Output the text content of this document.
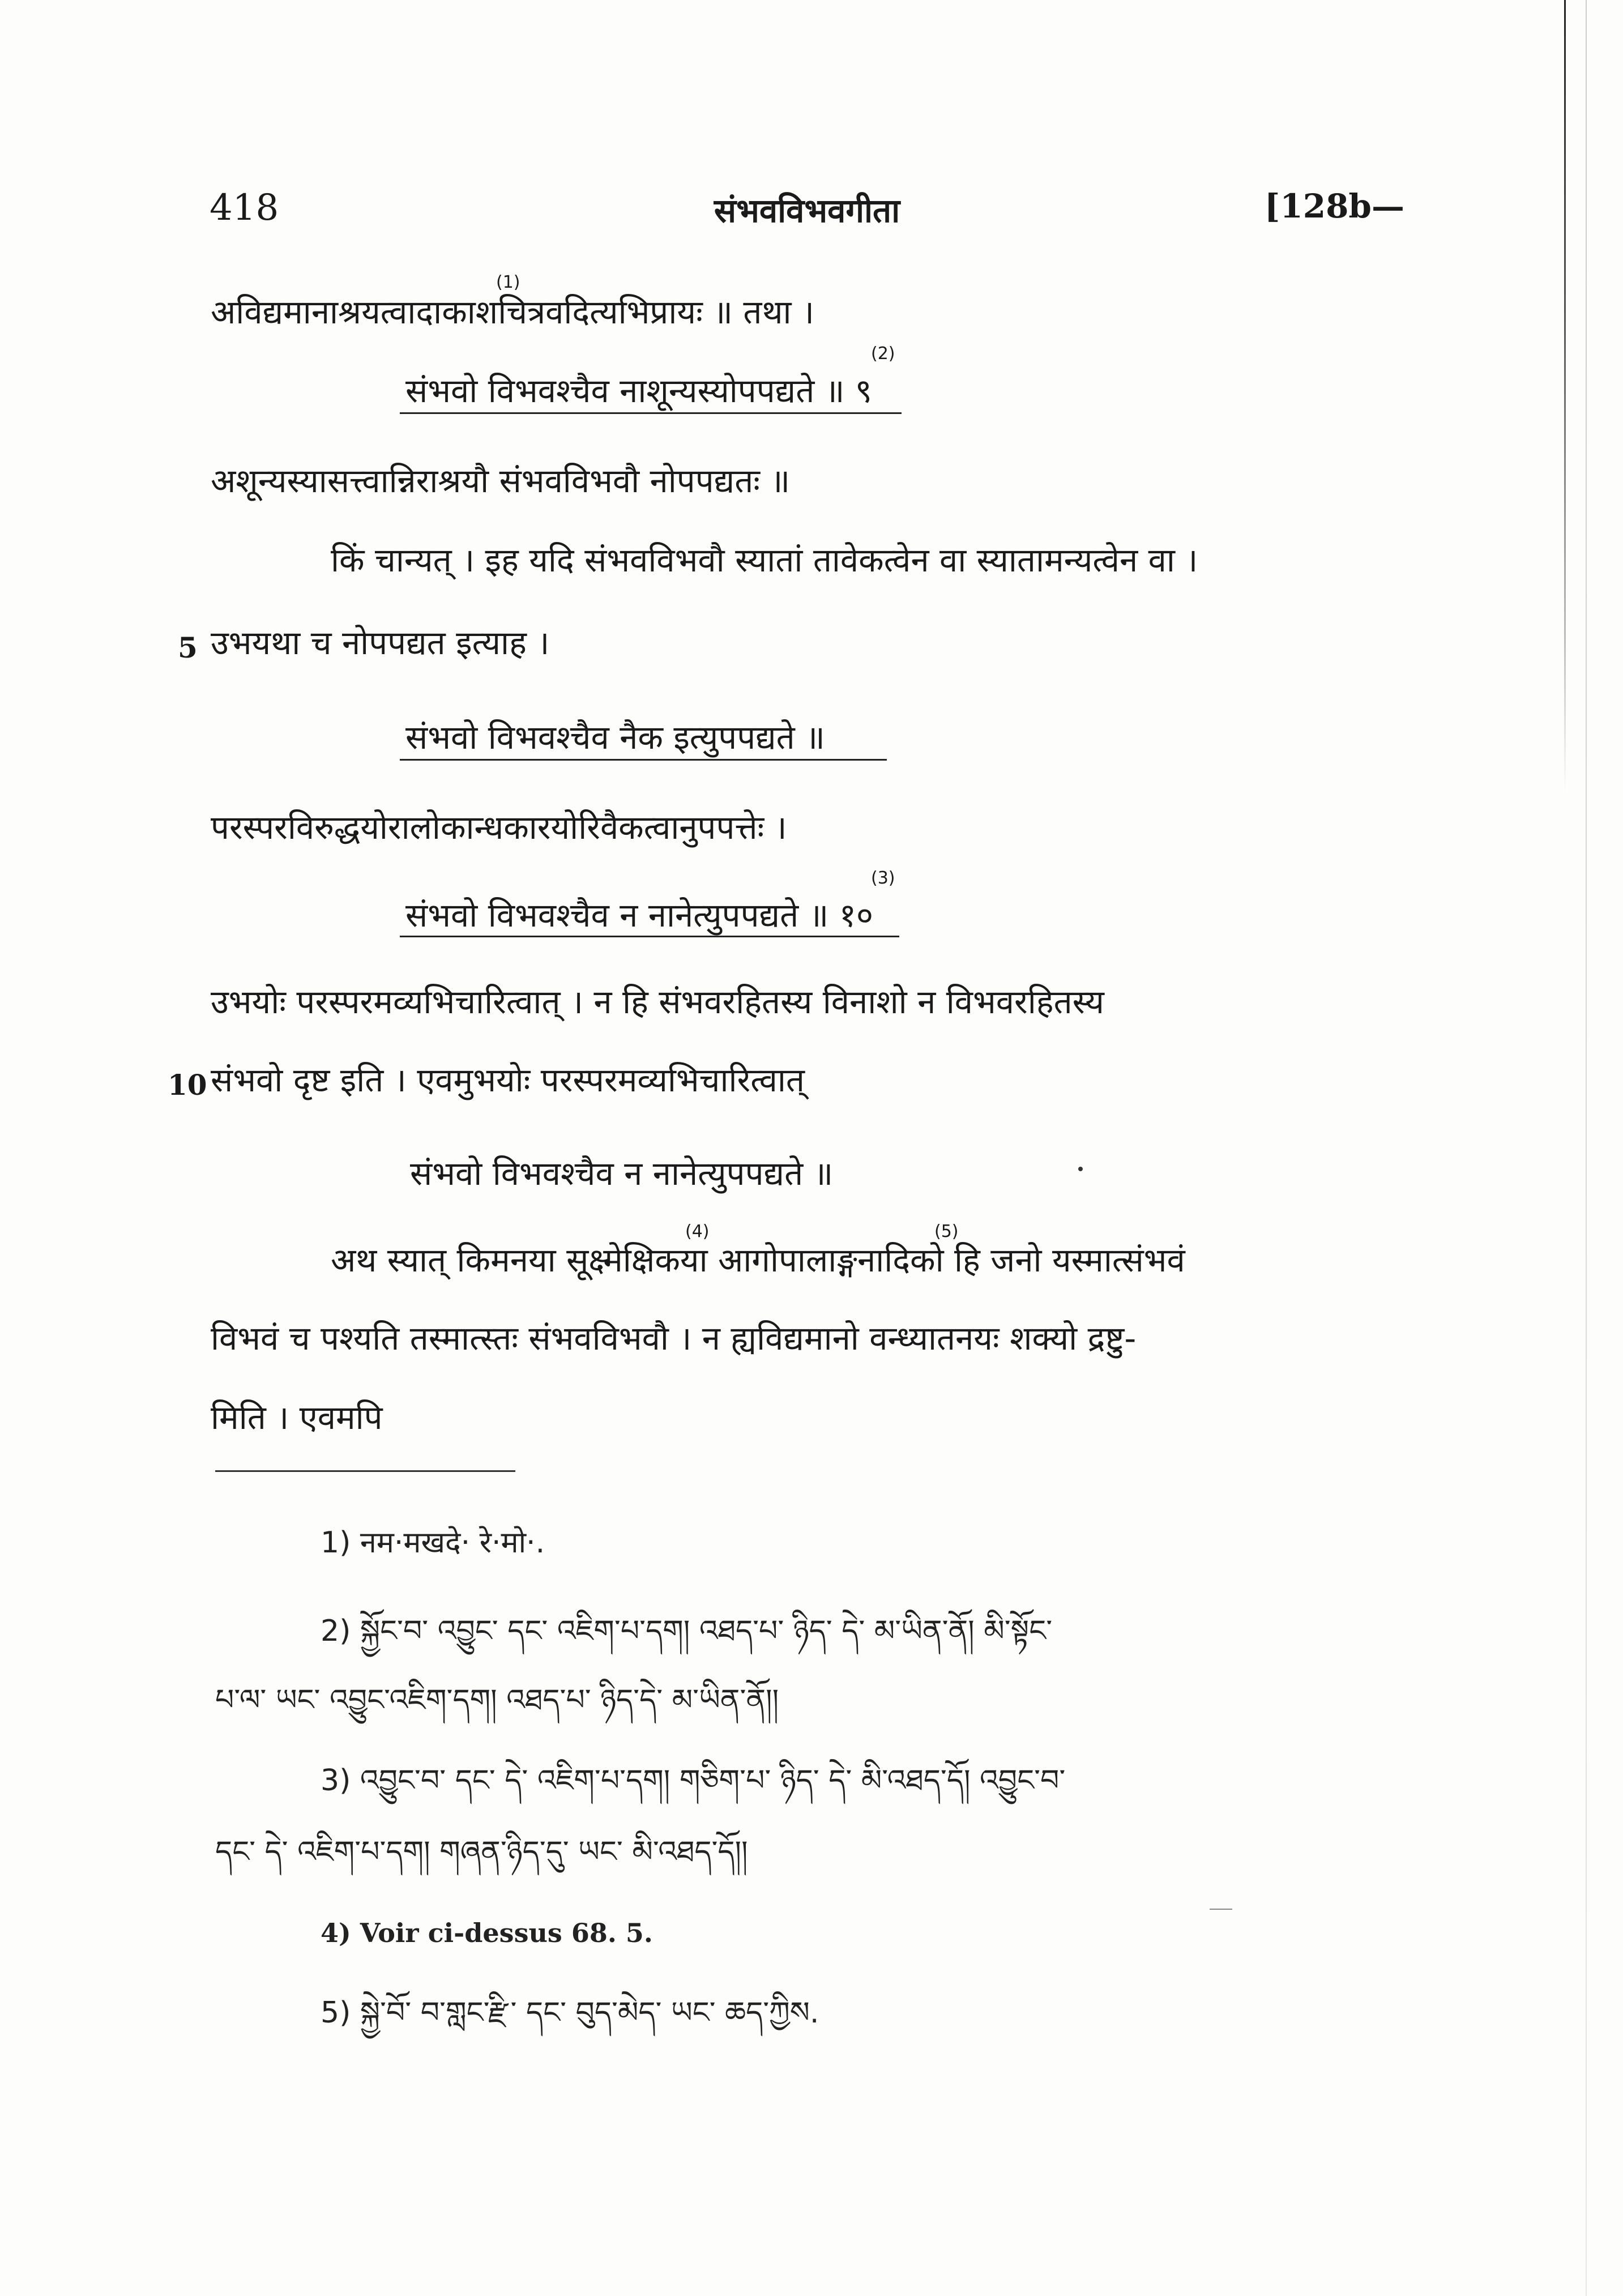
418	संभवविभवगीता	[128b—
(1)
(2)
(3)
(4)	(5)
अविद्यमानाश्रयत्वादाकाशचित्रवदित्यभिप्रायः ॥ तथा ।
संभवो विभवश्चैव नाशून्यस्योपपद्यते ॥ ९
अशून्यस्यासत्त्वान्निराश्रयौ संभवविभवौ नोपपद्यतः ॥
किं चान्यत् । इह यदि संभवविभवौ स्यातां तावेकत्वेन वा स्यातामन्यत्वेन वा ।
5 उभयथा च नोपपद्यत इत्याह ।
संभवो विभवश्चैव नैक इत्युपपद्यते ॥
परस्परविरुद्धयोरालोकान्धकारयोरिवैकत्वानुपपत्तेः ।
संभवो विभवश्चैव न नानेत्युपपद्यते ॥ १०
उभयोः परस्परमव्यभिचारित्वात् । न हि संभवरहितस्य विनाशो न विभवरहितस्य
10 संभवो दृष्ट इति । एवमुभयोः परस्परमव्यभिचारित्वात्
संभवो विभवश्चैव न नानेत्युपपद्यते ॥
अथ स्यात् किमनया सूक्ष्मेक्षिकया आगोपालाङ्गनादिको हि जनो यस्मात्संभवं
विभवं च पश्यति तस्मात्स्तः संभवविभवौ । न ह्यविद्यमानो वन्ध्यातनयः शक्यो द्रष्टु-
मिति । एवमपि
1) नम·मखदे· रे·मो·.
2) སྐྱོང་བ་ འབྱུང་ དང་ འཇིག་པ་དག། འཐད་པ་ ཉིད་ དེ་ མ་ཡིན་ནོ། མི་སྟོང་
པ་ལ་ ཡང་ འབྱུང་འཇིག་དག། འཐད་པ་ ཉིད་དེ་ མ་ཡིན་ནོ།།
3) འབྱུང་བ་ དང་ དེ་ འཇིག་པ་དག། གཅིག་པ་ ཉིད་ དེ་ མི་འཐད་དོ། འབྱུང་བ་
དང་ དེ་ འཇིག་པ་དག། གཞན་ཉིད་དུ་ ཡང་ མི་འཐད་དོ།།
4) Voir ci-dessus 68. 5.
5) སྐྱེ་བོ་ བ་གླང་རྫི་ དང་ བུད་མེད་ ཡང་ ཆད་ཀྱིས.
